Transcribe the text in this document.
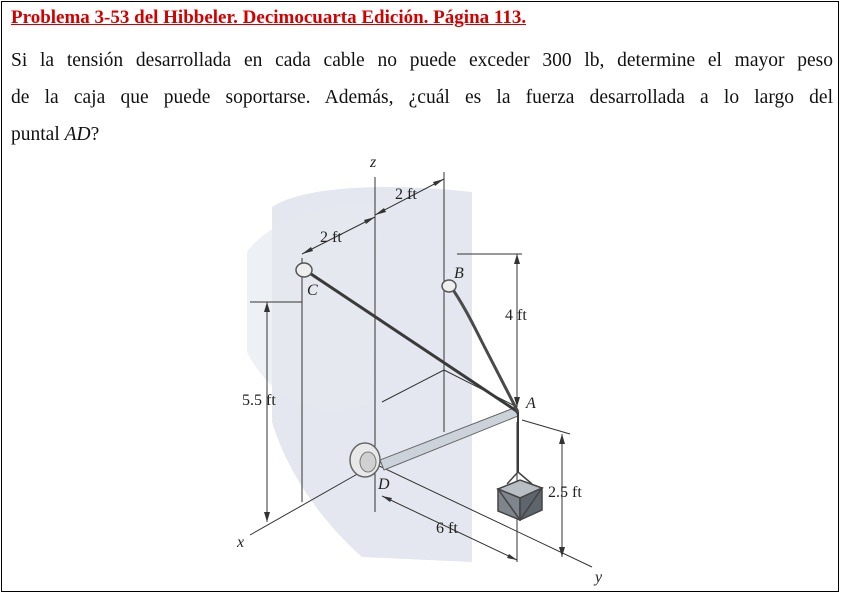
Problema 3-53 del Hibbeler. Decimocuarta Edición. Página 113.

Si la tensión desarrollada en cada cable no puede exceder 300 lb, determine el mayor peso
de la caja que puede soportarse. Además, ¿cuál es la fuerza desarrollada a lo largo del
puntal AD?

z
x
y
A
B
C
D
2 ft
2 ft
4 ft
5.5 ft
2.5 ft
6 ft
